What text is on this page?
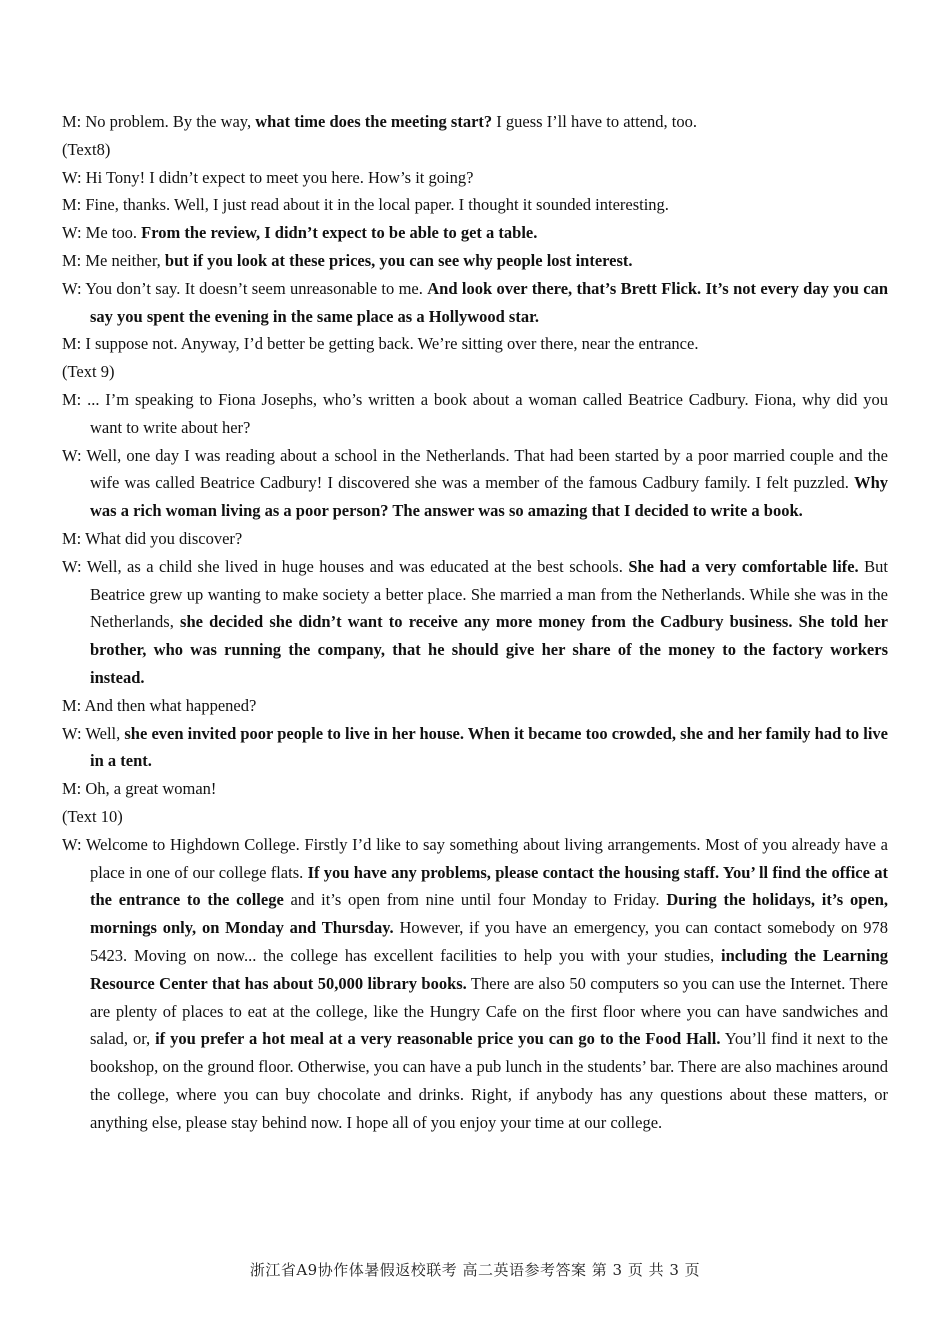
M: No problem. By the way, what time does the meeting start? I guess I’ll have to attend, too.

(Text8)

W: Hi Tony! I didn’t expect to meet you here. How’s it going?

M: Fine, thanks. Well, I just read about it in the local paper. I thought it sounded interesting.

W: Me too. From the review, I didn’t expect to be able to get a table.

M: Me neither, but if you look at these prices, you can see why people lost interest.

W: You don’t say. It doesn’t seem unreasonable to me. And look over there, that’s Brett Flick. It’s not every day you can say you spent the evening in the same place as a Hollywood star.

M: I suppose not. Anyway, I’d better be getting back. We’re sitting over there, near the entrance.

(Text 9)

M: ... I’m speaking to Fiona Josephs, who’s written a book about a woman called Beatrice Cadbury. Fiona, why did you want to write about her?

W: Well, one day I was reading about a school in the Netherlands. That had been started by a poor married couple and the wife was called Beatrice Cadbury! I discovered she was a member of the famous Cadbury family. I felt puzzled. Why was a rich woman living as a poor person? The answer was so amazing that I decided to write a book.

M: What did you discover?

W: Well, as a child she lived in huge houses and was educated at the best schools. She had a very comfortable life. But Beatrice grew up wanting to make society a better place. She married a man from the Netherlands. While she was in the Netherlands, she decided she didn’t want to receive any more money from the Cadbury business. She told her brother, who was running the company, that he should give her share of the money to the factory workers instead.

M: And then what happened?

W: Well, she even invited poor people to live in her house. When it became too crowded, she and her family had to live in a tent.

M: Oh, a great woman!

(Text 10)

W: Welcome to Highdown College. Firstly I’d like to say something about living arrangements. Most of you already have a place in one of our college flats. If you have any problems, please contact the housing staff. You’ ll find the office at the entrance to the college and it’s open from nine until four Monday to Friday. During the holidays, it’s open, mornings only, on Monday and Thursday. However, if you have an emergency, you can contact somebody on 978 5423. Moving on now... the college has excellent facilities to help you with your studies, including the Learning Resource Center that has about 50,000 library books. There are also 50 computers so you can use the Internet. There are plenty of places to eat at the college, like the Hungry Cafe on the first floor where you can have sandwiches and salad, or, if you prefer a hot meal at a very reasonable price you can go to the Food Hall. You’ll find it next to the bookshop, on the ground floor. Otherwise, you can have a pub lunch in the students’ bar. There are also machines around the college, where you can buy chocolate and drinks. Right, if anybody has any questions about these matters, or anything else, please stay behind now. I hope all of you enjoy your time at our college.

浙江省A9协作体暑假返校联考 高二英语参考答案 第 3 页 共 3 页
